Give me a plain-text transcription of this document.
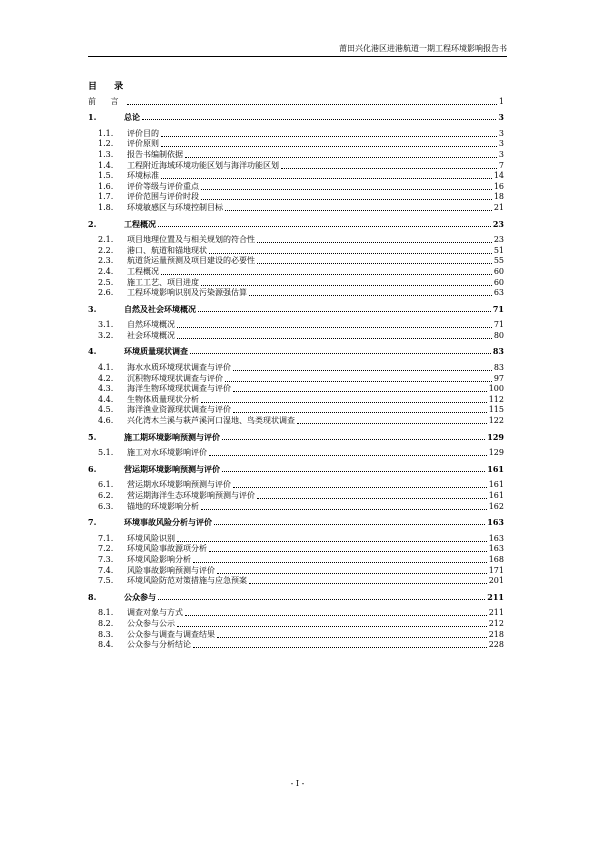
莆田兴化港区进港航道一期工程环境影响报告书
目 录
前 言	1
1.	总论	3
1.1.	评价目的	3
1.2.	评价原则	3
1.3.	报告书编制依据	3
1.4.	工程附近海域环境功能区划与海洋功能区划	7
1.5.	环境标准	14
1.6.	评价等级与评价重点	16
1.7.	评价范围与评价时段	18
1.8.	环境敏感区与环境控制目标	21
2.	工程概况	23
2.1.	项目地理位置及与相关规划的符合性	23
2.2.	港口、航道和锚地现状	51
2.3.	航道货运量预测及项目建设的必要性	55
2.4.	工程概况	60
2.5.	施工工艺、项目进度	60
2.6.	工程环境影响识别及污染源强估算	63
3.	自然及社会环境概况	71
3.1.	自然环境概况	71
3.2.	社会环境概况	80
4.	环境质量现状调查	83
4.1.	海水水质环境现状调查与评价	83
4.2.	沉积物环境现状调查与评价	97
4.3.	海洋生物环境现状调查与评价	100
4.4.	生物体质量现状分析	112
4.5.	海洋渔业资源现状调查与评价	115
4.6.	兴化湾木兰溪与萩芦溪河口湿地、鸟类现状调查	122
5.	施工期环境影响预测与评价	129
5.1.	施工对水环境影响评价	129
6.	营运期环境影响预测与评价	161
6.1.	营运期水环境影响预测与评价	161
6.2.	营运期海洋生态环境影响预测与评价	161
6.3.	锚地的环境影响分析	162
7.	环境事故风险分析与评价	163
7.1.	环境风险识别	163
7.2.	环境风险事故源项分析	163
7.3.	环境风险影响分析	168
7.4.	风险事故影响预测与评价	171
7.5.	环境风险防范对策措施与应急预案	201
8.	公众参与	211
8.1.	调查对象与方式	211
8.2.	公众参与公示	212
8.3.	公众参与调查与调查结果	218
8.4.	公众参与分析结论	228
- I -
